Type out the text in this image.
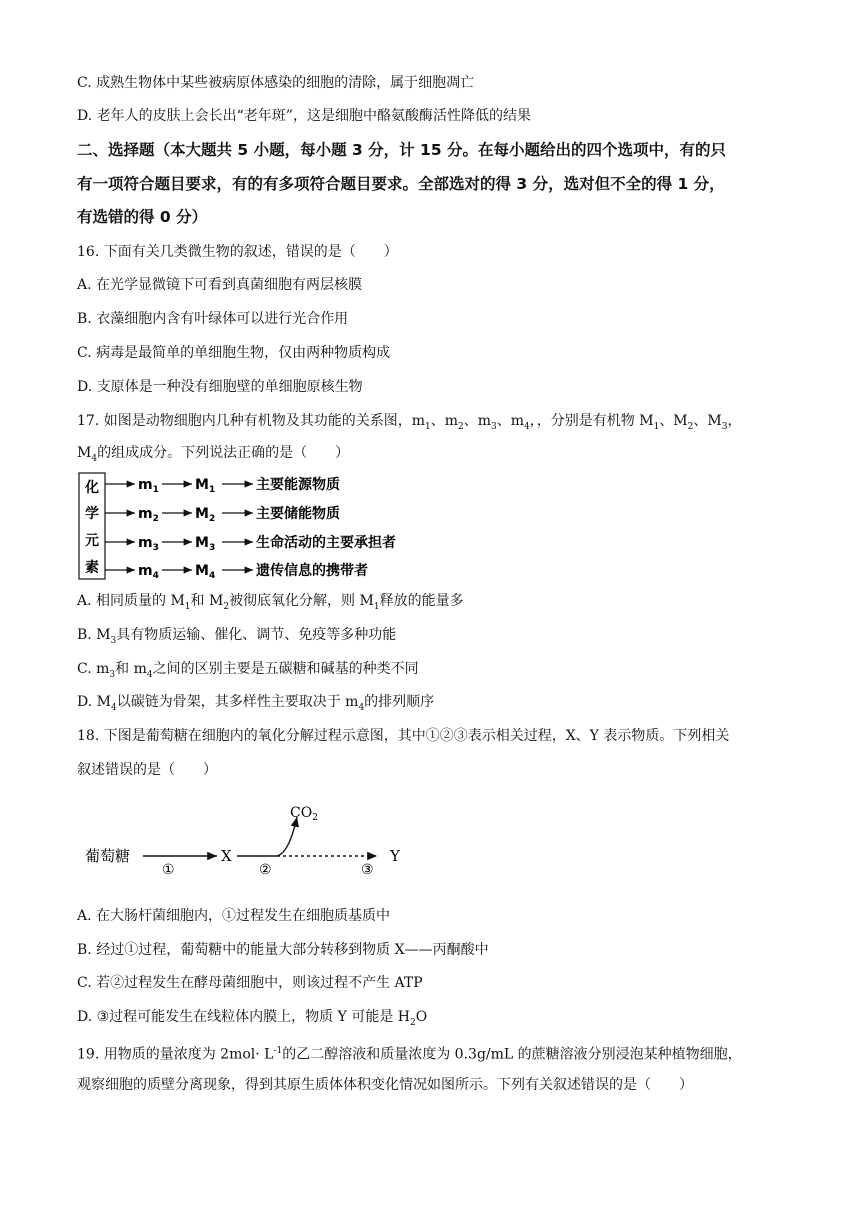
C. 成熟生物体中某些被病原体感染的细胞的清除，属于细胞凋亡
D. 老年人的皮肤上会长出“老年斑”，这是细胞中酪氨酸酶活性降低的结果
二、选择题（本大题共 5 小题，每小题 3 分，计 15 分。在每小题给出的四个选项中，有的只
有一项符合题目要求，有的有多项符合题目要求。全部选对的得 3 分，选对但不全的得 1 分，
有选错的得 0 分）
16. 下面有关几类微生物的叙述，错误的是（　　）
A. 在光学显微镜下可看到真菌细胞有两层核膜
B. 衣藻细胞内含有叶绿体可以进行光合作用
C. 病毒是最简单的单细胞生物，仅由两种物质构成
D. 支原体是一种没有细胞壁的单细胞原核生物
17. 如图是动物细胞内几种有机物及其功能的关系图，$m_1$、$m_2$、$m_3$、$m_4$，，分别是有机物 $M_1$、$M_2$、$M_3$，
$M_4$的组成成分。下列说法正确的是（　　）
化
学
元
素
$m_1$	$M_1$	主要能源物质
$m_2$	$M_2$	主要储能物质
$m_3$	$M_3$	生命活动的主要承担者
$m_4$	$M_4$	遗传信息的携带者
A. 相同质量的 $M_1$和 $M_2$被彻底氧化分解，则 $M_1$释放的能量多
B. $M_3$具有物质运输、催化、调节、免疫等多种功能
C. $m_3$和 $m_4$之间的区别主要是五碳糖和碱基的种类不同
D. $M_4$以碳链为骨架，其多样性主要取决于 $m_4$的排列顺序
18. 下图是葡萄糖在细胞内的氧化分解过程示意图，其中①②③表示相关过程，X、Y 表示物质。下列相关
叙述错误的是（　　）
葡萄糖
①
X
$CO_2$
②	③
Y
A. 在大肠杆菌细胞内，①过程发生在细胞质基质中
B. 经过①过程，葡萄糖中的能量大部分转移到物质 X——丙酮酸中
C. 若②过程发生在酵母菌细胞中，则该过程不产生 ATP
D. ③过程可能发生在线粒体内膜上，物质 Y 可能是 $H_2O$
19. 用物质的量浓度为 $2mol\cdot L^{-1}$的乙二醇溶液和质量浓度为 0.3g/mL 的蔗糖溶液分别浸泡某种植物细胞，
观察细胞的质壁分离现象，得到其原生质体体积变化情况如图所示。下列有关叙述错误的是（　　）
